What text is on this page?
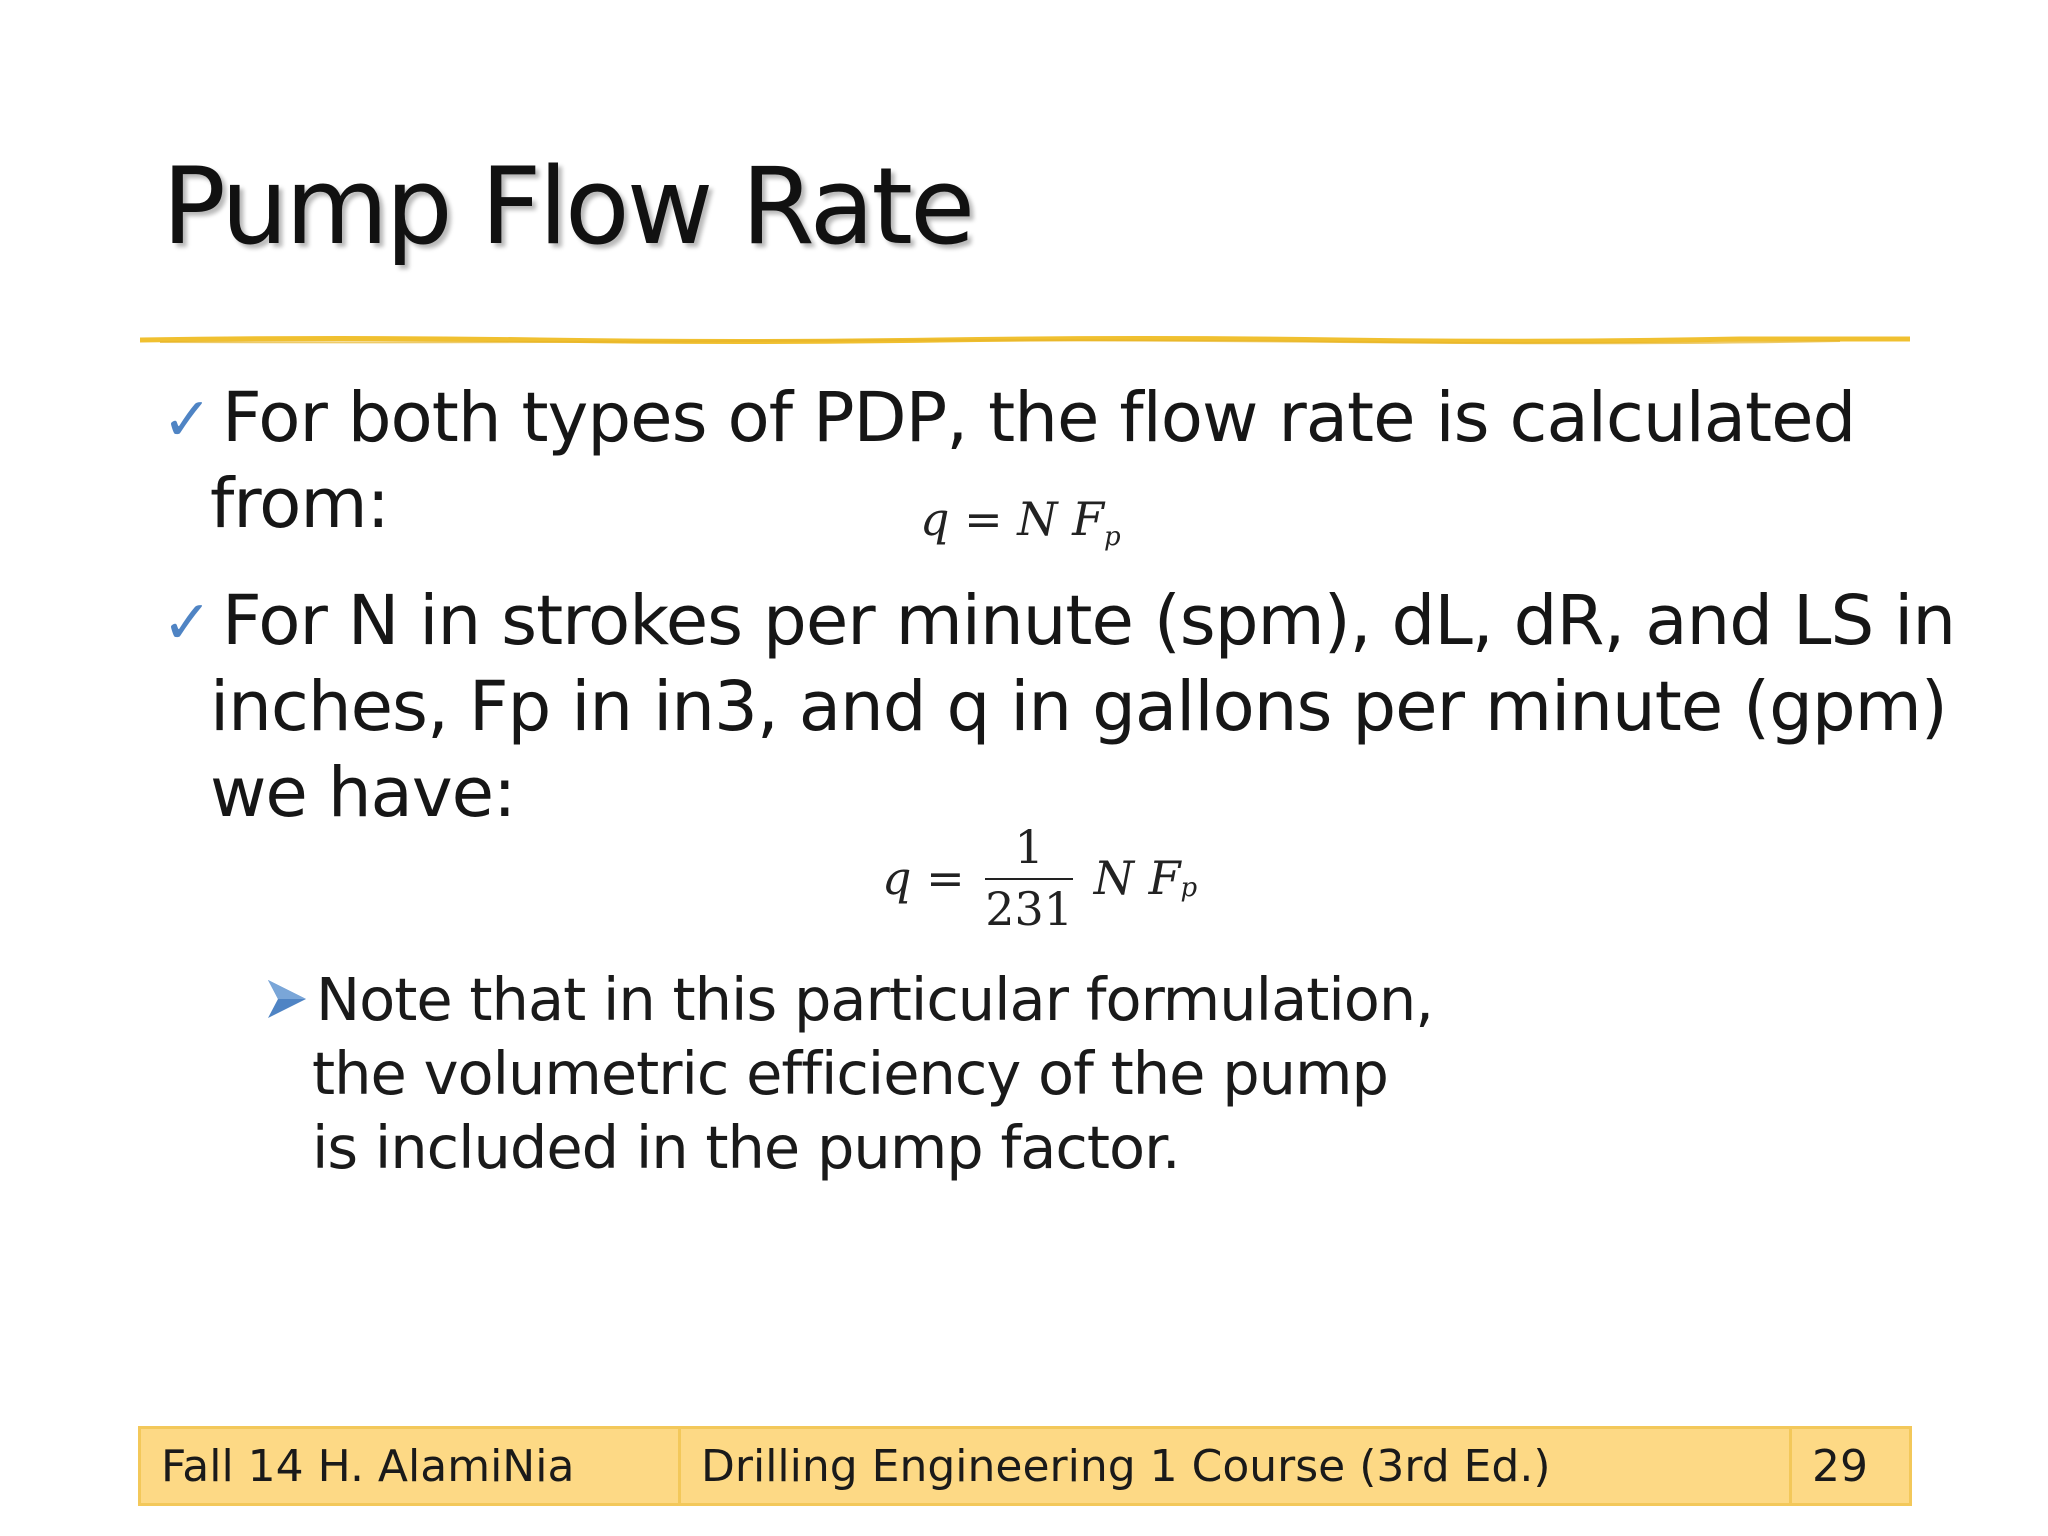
Pump Flow Rate
✓ For both types of PDP, the flow rate is calculated
from:	q = N $F_p$
✓ For N in strokes per minute (spm), dL, dR, and LS in
inches, Fp in in3, and q in gallons per minute (gpm)
we have:
$q = \frac{1}{231}$ N $F_p$
Note that in this particular formulation,
the volumetric efficiency of the pump
is included in the pump factor.
Fall 14 H. AlamiNia	Drilling Engineering 1 Course (3rd Ed.)	29
